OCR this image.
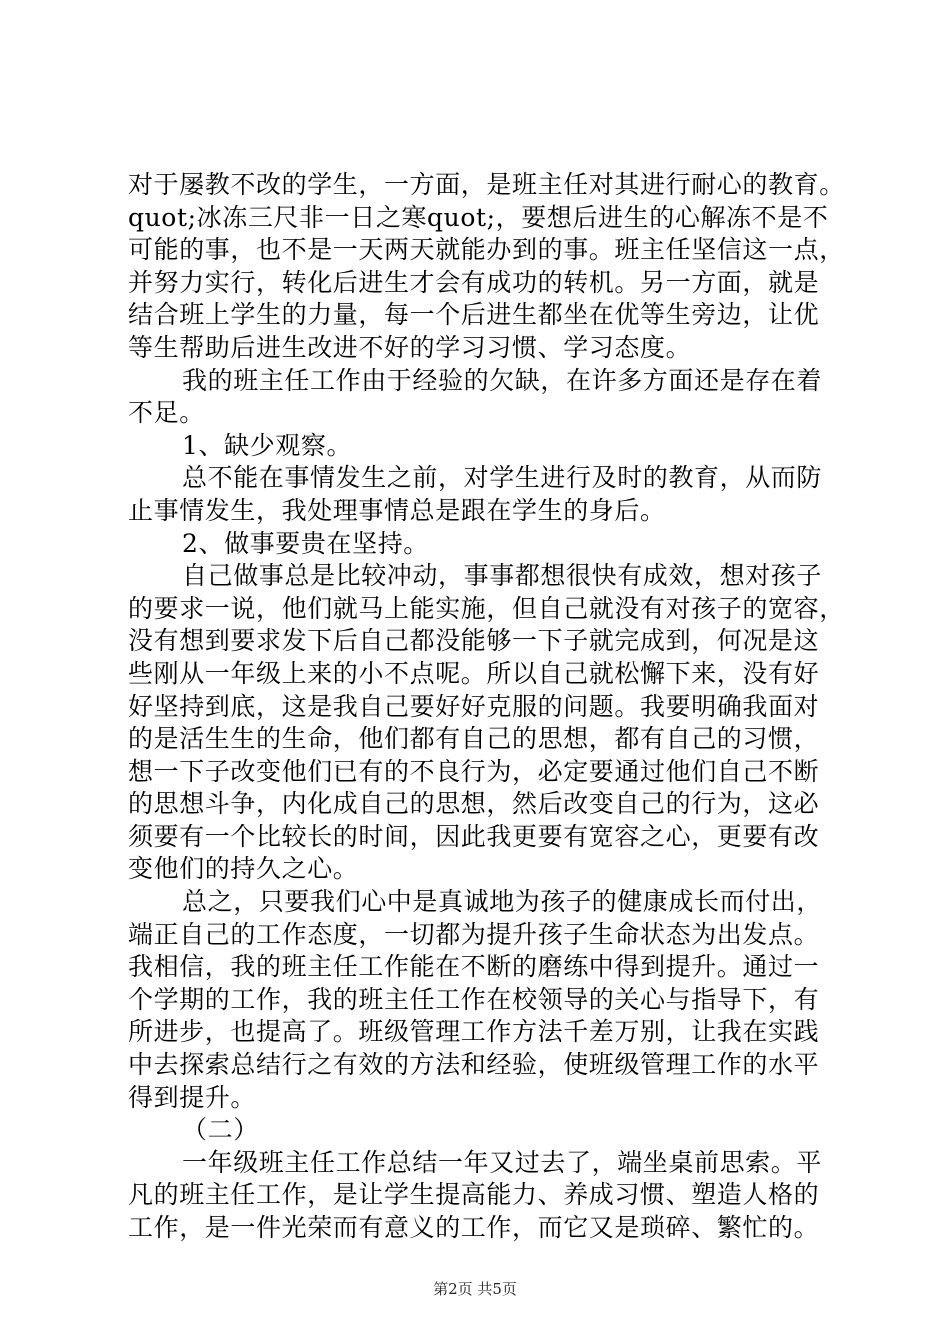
对于屡教不改的学生，一方面，是班主任对其进行耐心的教育。
quot;冰冻三尺非一日之寒quot;，要想后进生的心解冻不是不
可能的事，也不是一天两天就能办到的事。班主任坚信这一点，
并努力实行，转化后进生才会有成功的转机。另一方面，就是
结合班上学生的力量，每一个后进生都坐在优等生旁边，让优
等生帮助后进生改进不好的学习习惯、学习态度。
我的班主任工作由于经验的欠缺，在许多方面还是存在着
不足。
1、缺少观察。
总不能在事情发生之前，对学生进行及时的教育，从而防
止事情发生，我处理事情总是跟在学生的身后。
2、做事要贵在坚持。
自己做事总是比较冲动，事事都想很快有成效，想对孩子
的要求一说，他们就马上能实施，但自己就没有对孩子的宽容，
没有想到要求发下后自己都没能够一下子就完成到，何况是这
些刚从一年级上来的小不点呢。所以自己就松懈下来，没有好
好坚持到底，这是我自己要好好克服的问题。我要明确我面对
的是活生生的生命，他们都有自己的思想，都有自己的习惯，
想一下子改变他们已有的不良行为，必定要通过他们自己不断
的思想斗争，内化成自己的思想，然后改变自己的行为，这必
须要有一个比较长的时间，因此我更要有宽容之心，更要有改
变他们的持久之心。
总之，只要我们心中是真诚地为孩子的健康成长而付出，
端正自己的工作态度，一切都为提升孩子生命状态为出发点。
我相信，我的班主任工作能在不断的磨练中得到提升。通过一
个学期的工作，我的班主任工作在校领导的关心与指导下，有
所进步，也提高了。班级管理工作方法千差万别，让我在实践
中去探索总结行之有效的方法和经验，使班级管理工作的水平
得到提升。
（二）
一年级班主任工作总结一年又过去了，端坐桌前思索。平
凡的班主任工作，是让学生提高能力、养成习惯、塑造人格的
工作，是一件光荣而有意义的工作，而它又是琐碎、繁忙的。
第2页 共5页
